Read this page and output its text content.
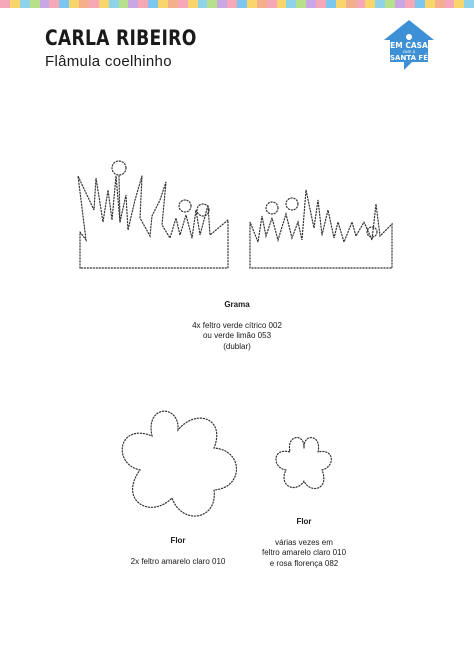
CARLA RIBEIRO
Flâmula coelhinho
EM CASA
com a
SANTA FÉ
Grama
4x feltro verde cítrico 002
ou verde limão 053
(dublar)
Flor
2x feltro amarelo claro 010
Flor
várias vezes em
feltro amarelo claro 010
e rosa florença 082
